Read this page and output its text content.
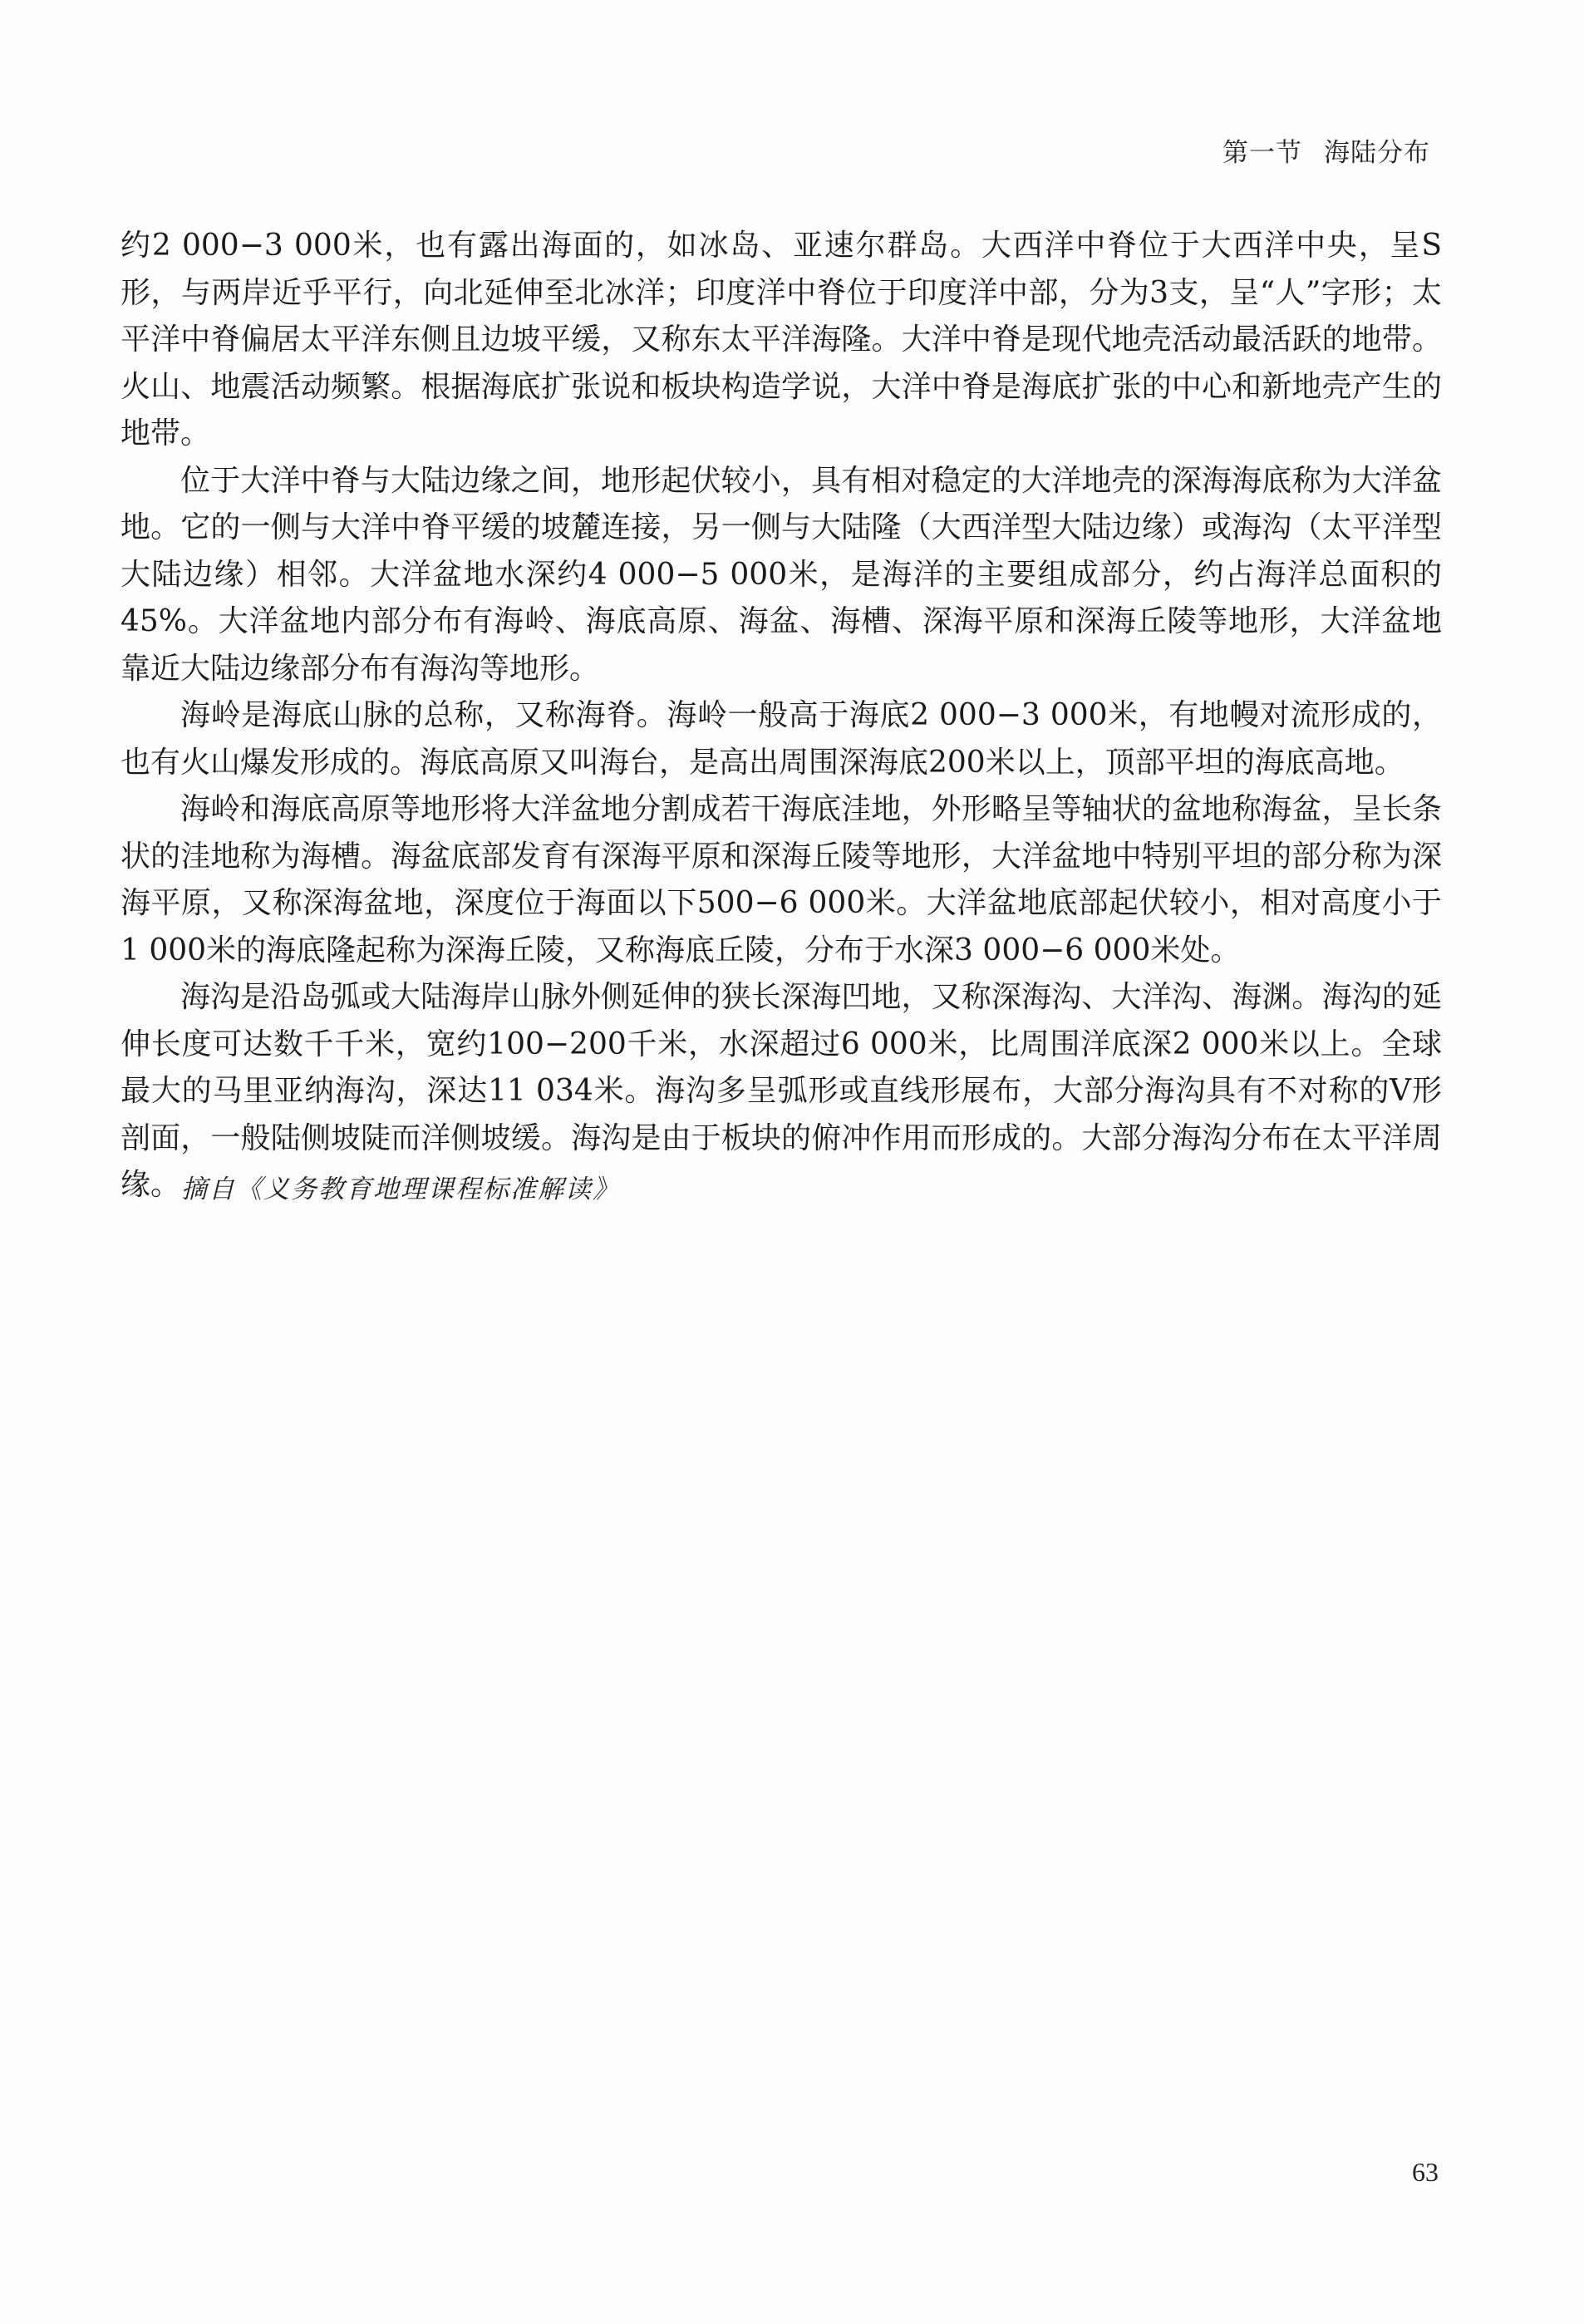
第一节 海陆分布

约2 000−3 000米，也有露出海面的，如冰岛、亚速尔群岛。大西洋中脊位于大西洋中央，呈S形，与两岸近乎平行，向北延伸至北冰洋；印度洋中脊位于印度洋中部，分为3支，呈“人”字形；太平洋中脊偏居太平洋东侧且边坡平缓，又称东太平洋海隆。大洋中脊是现代地壳活动最活跃的地带。火山、地震活动频繁。根据海底扩张说和板块构造学说，大洋中脊是海底扩张的中心和新地壳产生的地带。

位于大洋中脊与大陆边缘之间，地形起伏较小，具有相对稳定的大洋地壳的深海海底称为大洋盆地。它的一侧与大洋中脊平缓的坡麓连接，另一侧与大陆隆（大西洋型大陆边缘）或海沟（太平洋型大陆边缘）相邻。大洋盆地水深约4 000−5 000米，是海洋的主要组成部分，约占海洋总面积的45%。大洋盆地内部分布有海岭、海底高原、海盆、海槽、深海平原和深海丘陵等地形，大洋盆地靠近大陆边缘部分布有海沟等地形。

海岭是海底山脉的总称，又称海脊。海岭一般高于海底2 000−3 000米，有地幔对流形成的，也有火山爆发形成的。海底高原又叫海台，是高出周围深海底200米以上，顶部平坦的海底高地。

海岭和海底高原等地形将大洋盆地分割成若干海底洼地，外形略呈等轴状的盆地称海盆，呈长条状的洼地称为海槽。海盆底部发育有深海平原和深海丘陵等地形，大洋盆地中特别平坦的部分称为深海平原，又称深海盆地，深度位于海面以下500−6 000米。大洋盆地底部起伏较小，相对高度小于1 000米的海底隆起称为深海丘陵，又称海底丘陵，分布于水深3 000−6 000米处。

海沟是沿岛弧或大陆海岸山脉外侧延伸的狭长深海凹地，又称深海沟、大洋沟、海渊。海沟的延伸长度可达数千千米，宽约100−200千米，水深超过6 000米，比周围洋底深2 000米以上。全球最大的马里亚纳海沟，深达11 034米。海沟多呈弧形或直线形展布，大部分海沟具有不对称的V形剖面，一般陆侧坡陡而洋侧坡缓。海沟是由于板块的俯冲作用而形成的。大部分海沟分布在太平洋周缘。 摘自《义务教育地理课程标准解读》
63
